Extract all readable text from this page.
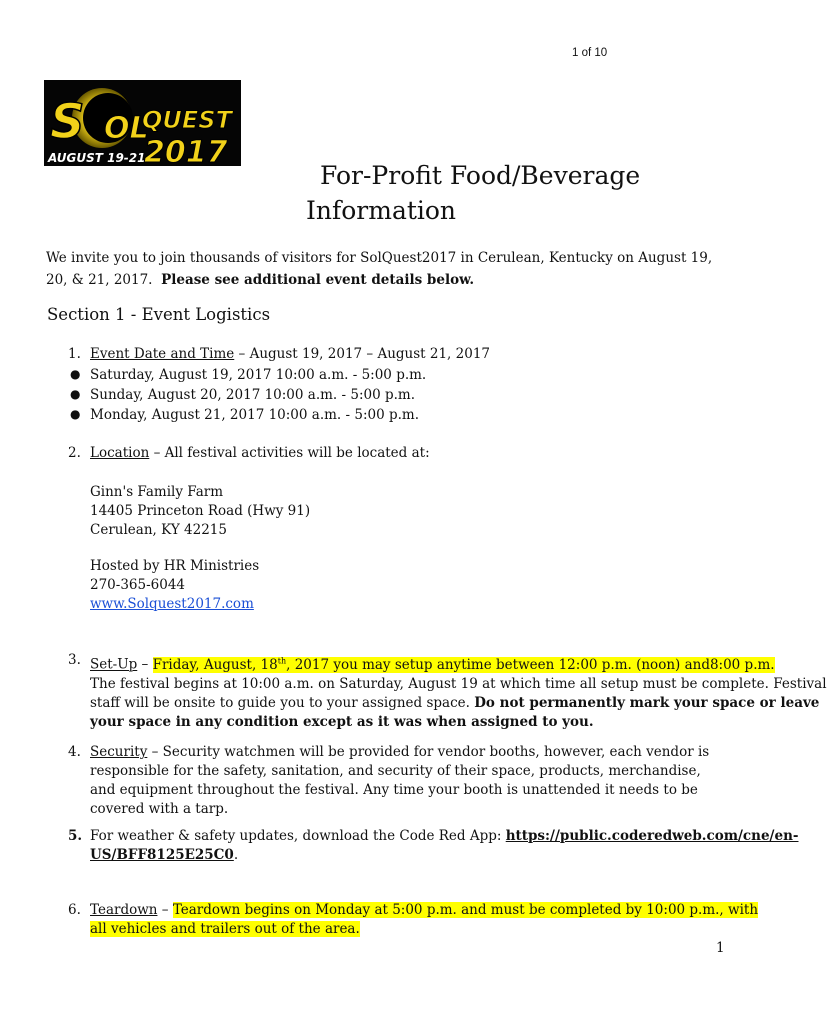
1 of 10
S OL
QUEST
AUGUST 19-21
2017
For-Profit Food/Beverage
Information
We invite you to join thousands of visitors for SolQuest2017 in Cerulean, Kentucky on August 19, 20, & 21, 2017. Please see additional event details below.
Section 1 - Event Logistics
1. Event Date and Time – August 19, 2017 – August 21, 2017
● Saturday, August 19, 2017 10:00 a.m. - 5:00 p.m.
● Sunday, August 20, 2017 10:00 a.m. - 5:00 p.m.
● Monday, August 21, 2017 10:00 a.m. - 5:00 p.m.
2. Location – All festival activities will be located at:
Ginn's Family Farm
14405 Princeton Road (Hwy 91)
Cerulean, KY 42215
Hosted by HR Ministries
270-365-6044
www.Solquest2017.com
3. Set-Up – Friday, August, 18th, 2017 you may setup anytime between 12:00 p.m. (noon) and8:00 p.m.
The festival begins at 10:00 a.m. on Saturday, August 19 at which time all setup must be complete. Festival
staff will be onsite to guide you to your assigned space. Do not permanently mark your space or leave
your space in any condition except as it was when assigned to you.
4. Security – Security watchmen will be provided for vendor booths, however, each vendor is responsible for the safety, sanitation, and security of their space, products, merchandise, and equipment throughout the festival. Any time your booth is unattended it needs to be covered with a tarp.
5. For weather & safety updates, download the Code Red App: https://public.coderedweb.com/cne/en-
US/BFF8125E25C0.
6. Teardown – Teardown begins on Monday at 5:00 p.m. and must be completed by 10:00 p.m., with
all vehicles and trailers out of the area.
1
